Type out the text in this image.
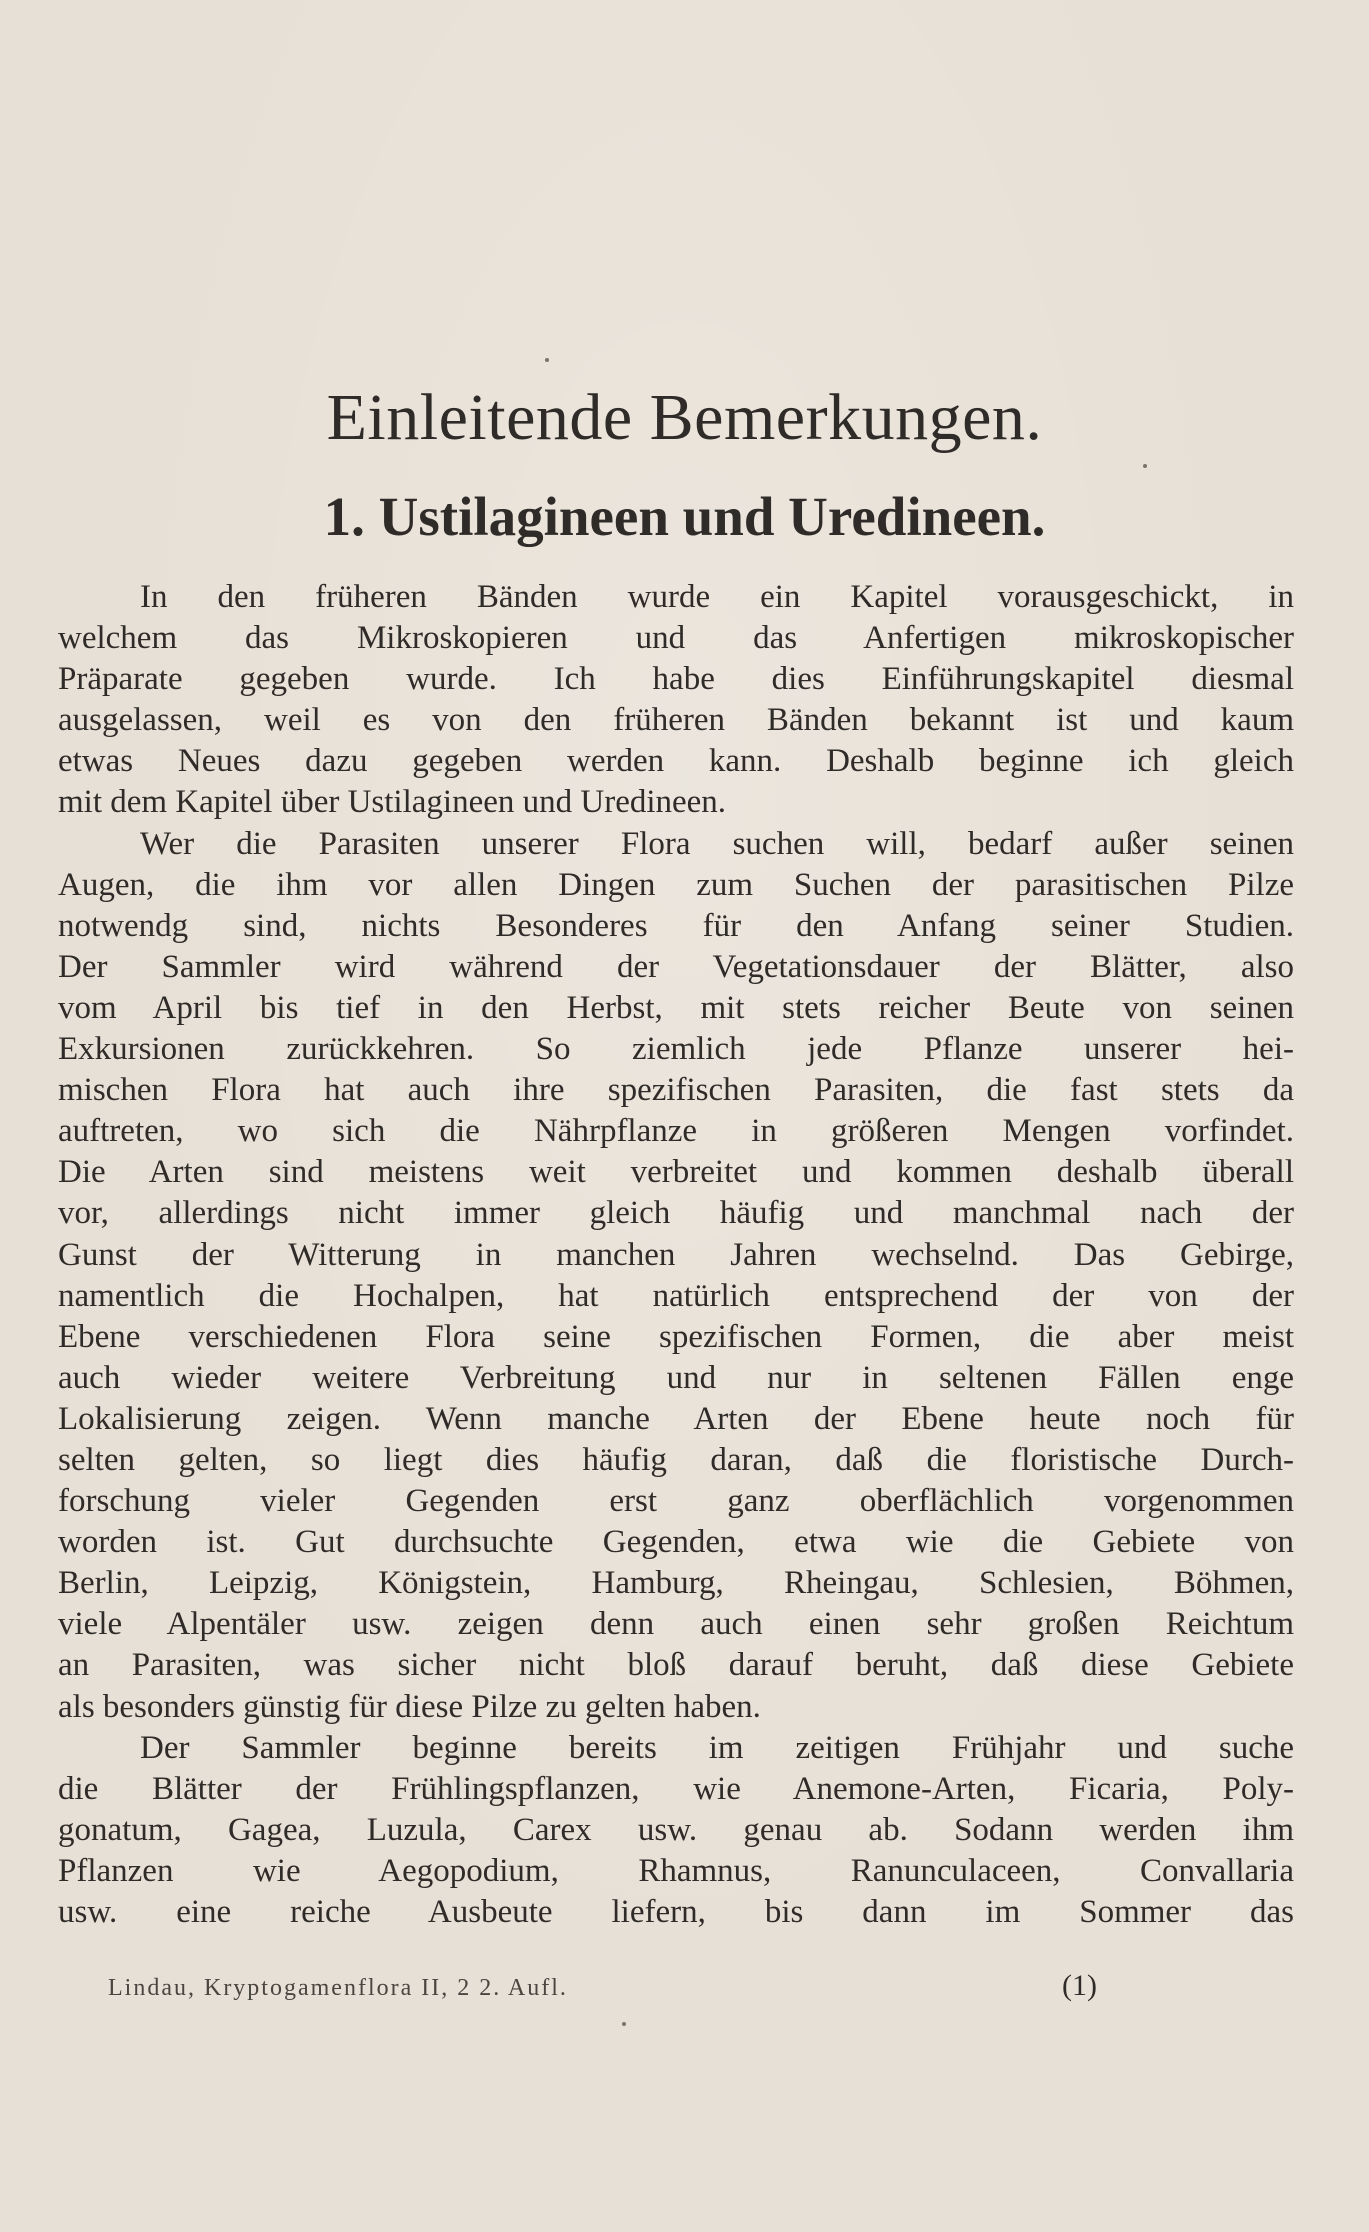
Einleitende Bemerkungen.
1. Ustilagineen und Uredineen.
In den früheren Bänden wurde ein Kapitel vorausgeschickt, in
welchem das Mikroskopieren und das Anfertigen mikroskopischer
Präparate gegeben wurde. Ich habe dies Einführungskapitel diesmal
ausgelassen, weil es von den früheren Bänden bekannt ist und kaum
etwas Neues dazu gegeben werden kann. Deshalb beginne ich gleich
mit dem Kapitel über Ustilagineen und Uredineen.
Wer die Parasiten unserer Flora suchen will, bedarf außer seinen
Augen, die ihm vor allen Dingen zum Suchen der parasitischen Pilze
notwendg sind, nichts Besonderes für den Anfang seiner Studien.
Der Sammler wird während der Vegetationsdauer der Blätter, also
vom April bis tief in den Herbst, mit stets reicher Beute von seinen
Exkursionen zurückkehren. So ziemlich jede Pflanze unserer hei-
mischen Flora hat auch ihre spezifischen Parasiten, die fast stets da
auftreten, wo sich die Nährpflanze in größeren Mengen vorfindet.
Die Arten sind meistens weit verbreitet und kommen deshalb überall
vor, allerdings nicht immer gleich häufig und manchmal nach der
Gunst der Witterung in manchen Jahren wechselnd. Das Gebirge,
namentlich die Hochalpen, hat natürlich entsprechend der von der
Ebene verschiedenen Flora seine spezifischen Formen, die aber meist
auch wieder weitere Verbreitung und nur in seltenen Fällen enge
Lokalisierung zeigen. Wenn manche Arten der Ebene heute noch für
selten gelten, so liegt dies häufig daran, daß die floristische Durch-
forschung vieler Gegenden erst ganz oberflächlich vorgenommen
worden ist. Gut durchsuchte Gegenden, etwa wie die Gebiete von
Berlin, Leipzig, Königstein, Hamburg, Rheingau, Schlesien, Böhmen,
viele Alpentäler usw. zeigen denn auch einen sehr großen Reichtum
an Parasiten, was sicher nicht bloß darauf beruht, daß diese Gebiete
als besonders günstig für diese Pilze zu gelten haben.
Der Sammler beginne bereits im zeitigen Frühjahr und suche
die Blätter der Frühlingspflanzen, wie Anemone-Arten, Ficaria, Poly-
gonatum, Gagea, Luzula, Carex usw. genau ab. Sodann werden ihm
Pflanzen wie Aegopodium, Rhamnus, Ranunculaceen, Convallaria
usw. eine reiche Ausbeute liefern, bis dann im Sommer das
Lindau, Kryptogamenflora II, 2 2. Aufl.	(1)
